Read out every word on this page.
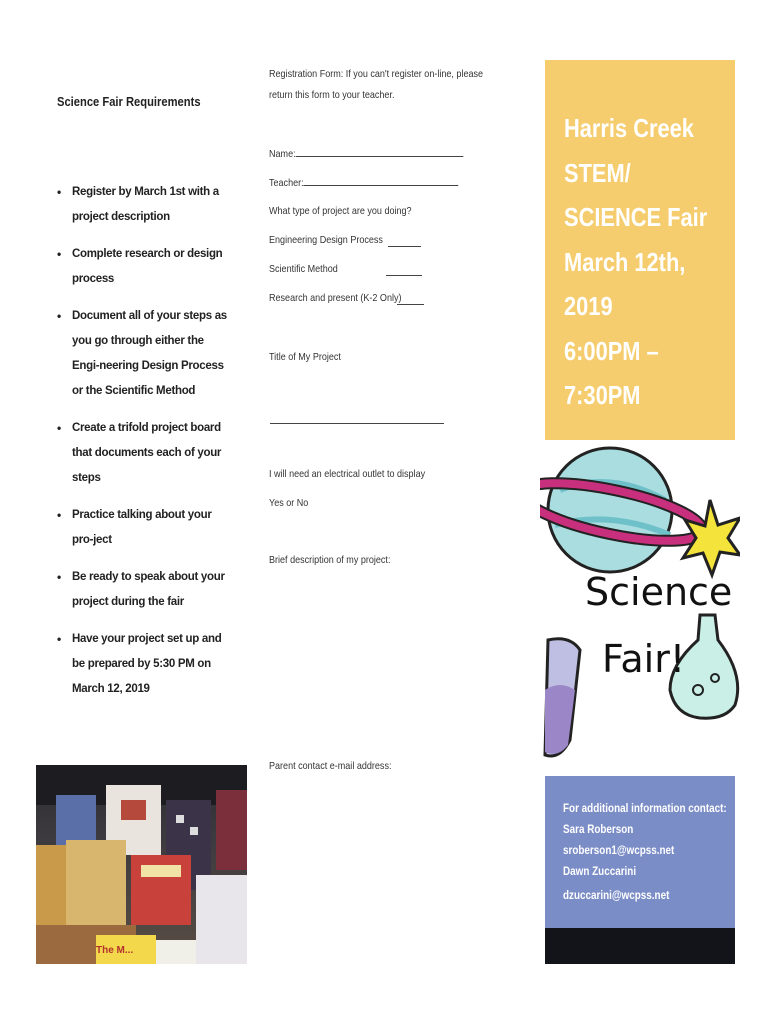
Science Fair Requirements
• Register by March 1st with a project description
• Complete research or design process
• Document all of your steps as you go through either the Engi-neering Design Process or the Scientific Method
• Create a trifold project board that documents each of your steps
• Practice talking about your pro-ject
• Be ready to speak about your project during the fair
• Have your project set up and be prepared by 5:30 PM on March 12, 2019
The M...
Registration Form: If you can't register on-line, please
return this form to your teacher.
Name:
Teacher:
What type of project are you doing?
Engineering Design Process
Scientific Method
Research and present (K-2 Only)
Title of My Project
I will need an electrical outlet to display
Yes or No
Brief description of my project:
Parent contact e-mail address:
Harris Creek
STEM/
SCIENCE Fair
March 12th,
2019
6:00PM –
7:30PM
Science
Fair!
For additional information contact:
Sara Roberson
sroberson1@wcpss.net
Dawn Zuccarini
dzuccarini@wcpss.net
